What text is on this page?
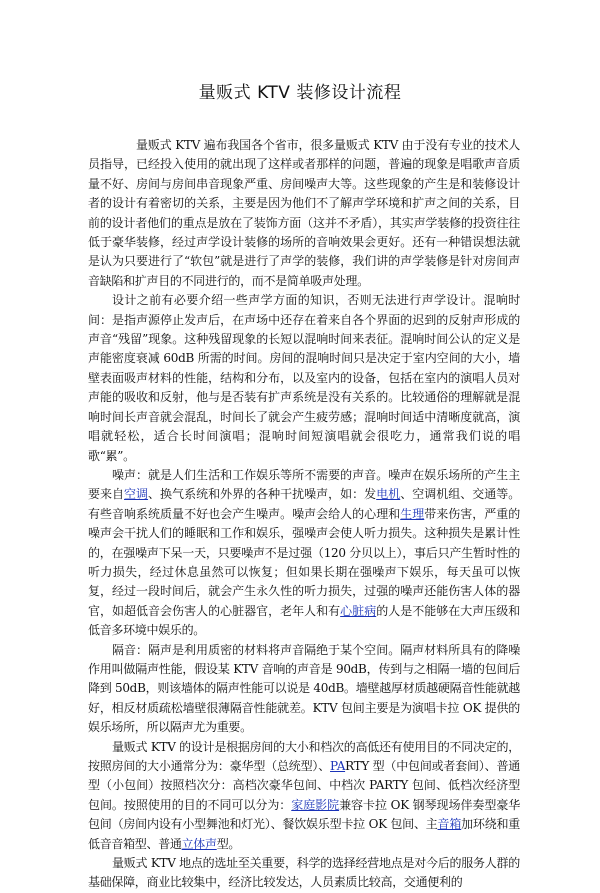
量贩式 KTV 装修设计流程

量贩式 KTV 遍布我国各个省市，很多量贩式 KTV 由于没有专业的技术人员指导，已经投入使用的就出现了这样或者那样的问题，普遍的现象是唱歌声音质量不好、房间与房间串音现象严重、房间噪声大等。这些现象的产生是和装修设计者的设计有着密切的关系，主要是因为他们不了解声学环境和扩声之间的关系，目前的设计者他们的重点是放在了装饰方面（这并不矛盾），其实声学装修的投资往往低于豪华装修，经过声学设计装修的场所的音响效果会更好。还有一种错误想法就是认为只要进行了“软包”就是进行了声学的装修，我们讲的声学装修是针对房间声音缺陷和扩声目的不同进行的，而不是简单吸声处理。

设计之前有必要介绍一些声学方面的知识，否则无法进行声学设计。混响时间：是指声源停止发声后，在声场中还存在着来自各个界面的迟到的反射声形成的声音“残留”现象。这种残留现象的长短以混响时间来表征。混响时间公认的定义是声能密度衰减 60dB 所需的时间。房间的混响时间只是决定于室内空间的大小，墙壁表面吸声材料的性能，结构和分布，以及室内的设备，包括在室内的演唱人员对声能的吸收和反射，他与是否装有扩声系统是没有关系的。比较通俗的理解就是混响时间长声音就会混乱，时间长了就会产生疲劳感；混响时间适中清晰度就高，演唱就轻松，适合长时间演唱；混响时间短演唱就会很吃力，通常我们说的唱歌“累”。

噪声：就是人们生活和工作娱乐等所不需要的声音。噪声在娱乐场所的产生主要来自空调、换气系统和外界的各种干扰噪声，如：发电机、空调机组、交通等。有些音响系统质量不好也会产生噪声。噪声会给人的心理和生理带来伤害，严重的噪声会干扰人们的睡眠和工作和娱乐，强噪声会使人听力损失。这种损失是累计性的，在强噪声下呆一天，只要噪声不是过强（120 分贝以上），事后只产生暂时性的听力损失，经过休息虽然可以恢复；但如果长期在强噪声下娱乐，每天虽可以恢复，经过一段时间后，就会产生永久性的听力损失，过强的噪声还能伤害人体的器官，如超低音会伤害人的心脏器官，老年人和有心脏病的人是不能够在大声压级和低音多环境中娱乐的。

隔音：隔声是利用质密的材料将声音隔绝于某个空间。隔声材料所具有的降噪作用叫做隔声性能，假设某 KTV 音响的声音是 90dB，传到与之相隔一墙的包间后降到 50dB，则该墙体的隔声性能可以说是 40dB。墙壁越厚材质越硬隔音性能就越好，相反材质疏松墙壁很薄隔音性能就差。KTV 包间主要是为演唱卡拉 OK 提供的娱乐场所，所以隔声尤为重要。

量贩式 KTV 的设计是根据房间的大小和档次的高低还有使用目的不同决定的，按照房间的大小通常分为：豪华型（总统型）、PARTY 型（中包间或者套间）、普通型（小包间）按照档次分：高档次豪华包间、中档次 PARTY 包间、低档次经济型包间。按照使用的目的不同可以分为：家庭影院兼容卡拉 OK 钢琴现场伴奏型豪华包间（房间内设有小型舞池和灯光）、餐饮娱乐型卡拉 OK 包间、主音箱加环绕和重低音音箱型、普通立体声型。

量贩式 KTV 地点的选址至关重要，科学的选择经营地点是对今后的服务人群的基础保障，商业比较集中，经济比较发达，人员素质比较高，交通便利的
